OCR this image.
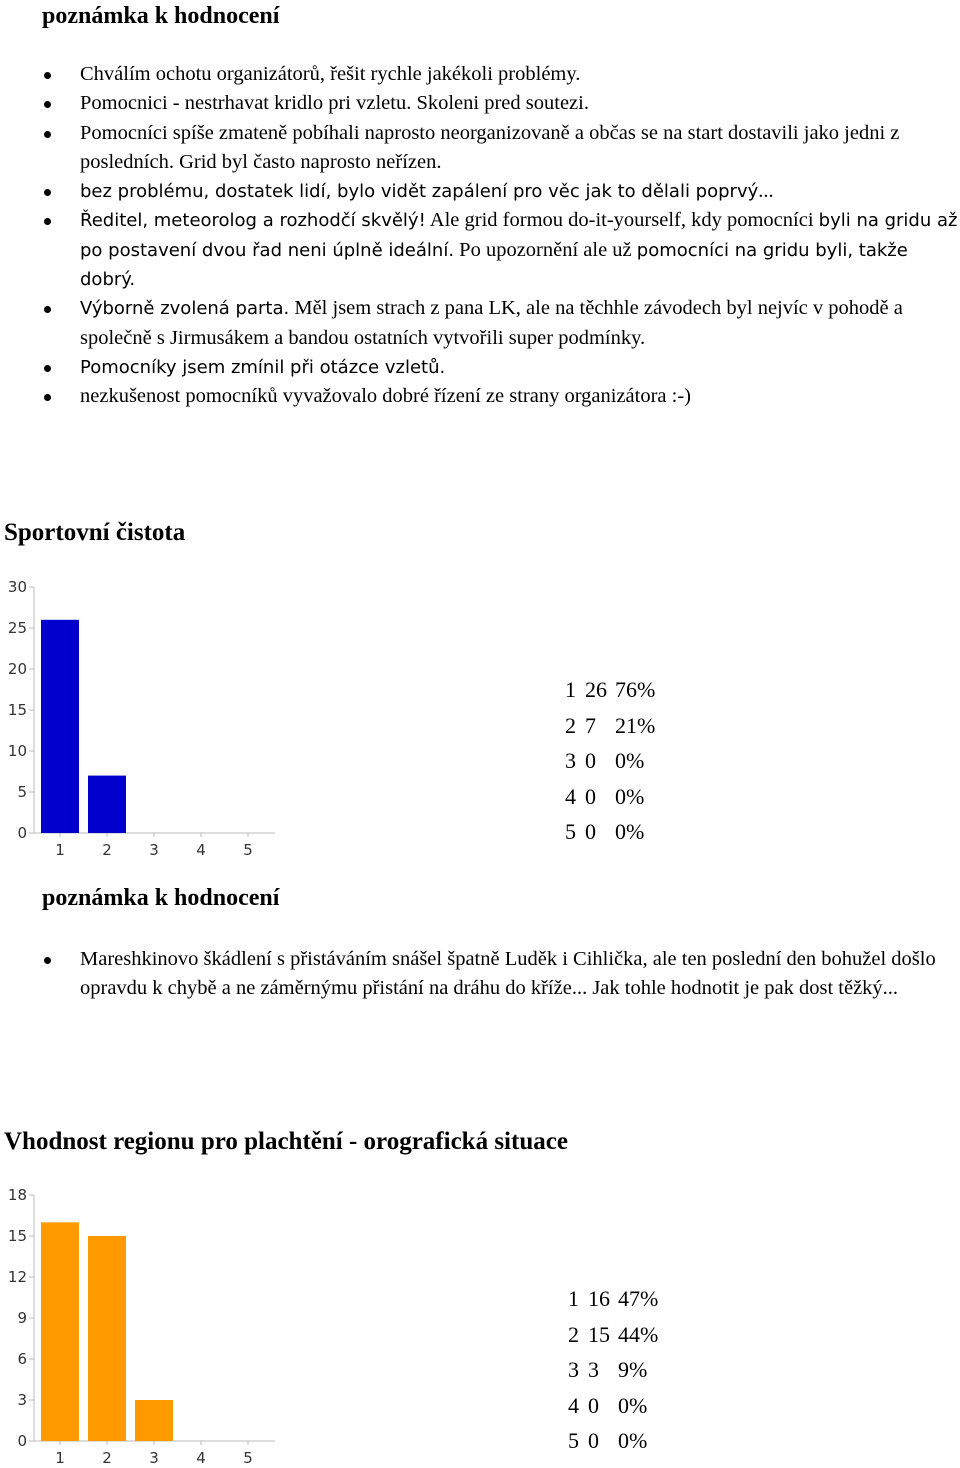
poznámka k hodnocení
Chválím ochotu organizátorů, řešit rychle jakékoli problémy.
Pomocnici - nestrhavat kridlo pri vzletu. Skoleni pred soutezi.
Pomocníci spíše zmateně pobíhali naprosto neorganizovaně a občas se na start dostavili jako jedni z posledních. Grid byl často naprosto neřízen.
bez problému, dostatek lidí, bylo vidět zapálení pro věc jak to dělali poprvý...
Ředitel, meteorolog a rozhodčí skvělý! Ale grid formou do-it-yourself, kdy pomocníci byli na gridu až po postavení dvou řad neni úplně ideální. Po upozornění ale už pomocníci na gridu byli, takže dobrý.
Výborně zvolená parta. Měl jsem strach z pana LK, ale na těchhle závodech byl nejvíc v pohodě a společně s Jirmusákem a bandou ostatních vytvořili super podmínky.
Pomocníky jsem zmínil při otázce vzletů.
nezkušenost pomocníků vyvažovalo dobré řízení ze strany organizátora :-)
Sportovní čistota
0
5
10
15
20
25
30
1 2 3 4 5
1 26 76%
2 7 21%
3 0 0%
4 0 0%
5 0 0%
poznámka k hodnocení
Mareshkinovo škádlení s přistáváním snášel špatně Luděk i Cihlička, ale ten poslední den bohužel došlo opravdu k chybě a ne záměrnýmu přistání na dráhu do kříže... Jak tohle hodnotit je pak dost těžký...
Vhodnost regionu pro plachtění - orografická situace
0
3
6
9
12
15
18
1 2 3 4 5
1 16 47%
2 15 44%
3 3 9%
4 0 0%
5 0 0%
